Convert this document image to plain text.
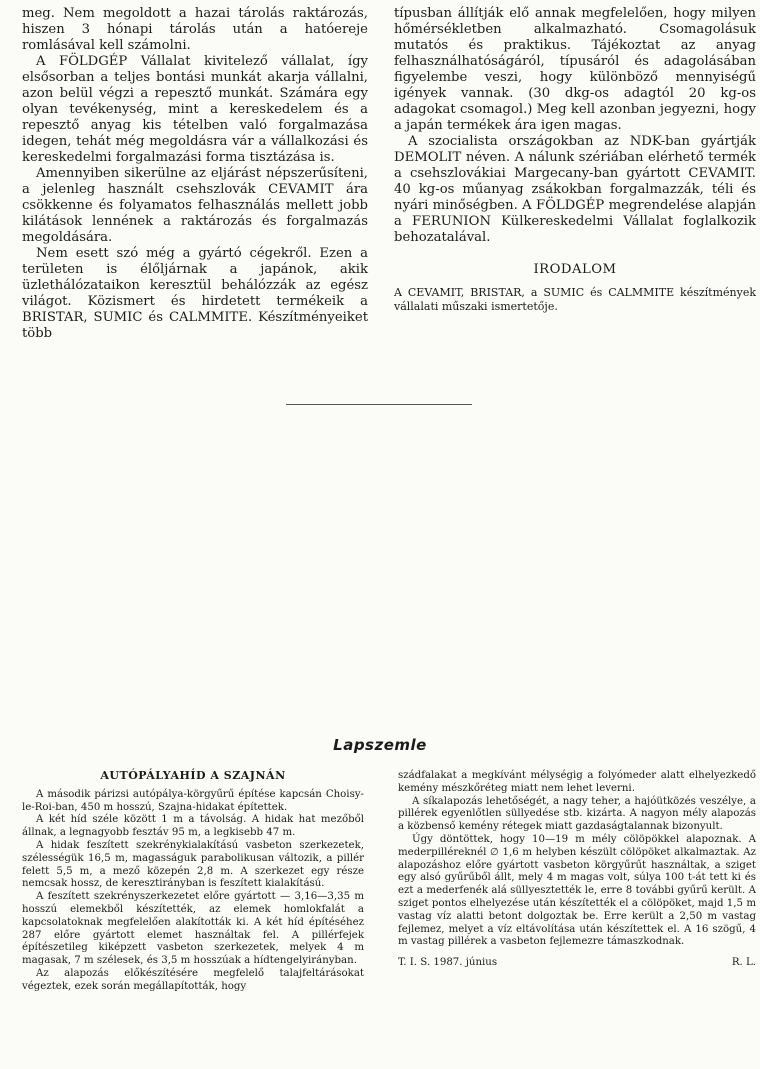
meg. Nem megoldott a hazai tárolás raktározás, hiszen 3 hónapi tárolás után a hatóereje romlásával kell számolni.

A FÖLDGÉP Vállalat kivitelező vállalat, így elsősorban a teljes bontási munkát akarja vállalni, azon belül végzi a repesztő munkát. Számára egy olyan tevékenység, mint a kereskedelem és a repesztő anyag kis tételben való forgalmazása idegen, tehát még megoldásra vár a vállalkozási és kereskedelmi forgalmazási forma tisztázása is.

Amennyiben sikerülne az eljárást népszerűsíteni, a jelenleg használt csehszlovák CEVAMIT ára csökkenne és folyamatos felhasználás mellett jobb kilátások lennének a raktározás és forgalmazás megoldására.

Nem esett szó még a gyártó cégekről. Ezen a területen is élőljárnak a japánok, akik üzlethálózataikon keresztül behálózzák az egész világot. Közismert és hirdetett termékeik a BRISTAR, SUMIC és CALMMITE. Készítményeiket több

típusban állítják elő annak megfelelően, hogy milyen hőmérsékletben alkalmazható. Csomagolásuk mutatós és praktikus. Tájékoztat az anyag felhasználhatóságáról, típusáról és adagolásában figyelembe veszi, hogy különböző mennyiségű igények vannak. (30 dkg-os adagtól 20 kg-os adagokat csomagol.) Meg kell azonban jegyezni, hogy a japán termékek ára igen magas.

A szocialista országokban az NDK-ban gyártják DEMOLIT néven. A nálunk szériában elérhető termék a csehszlovákiai Margecany-ban gyártott CEVAMIT. 40 kg-os műanyag zsákokban forgalmazzák, téli és nyári minőségben. A FÖLDGÉP megrendelése alapján a FERUNION Külkereskedelmi Vállalat foglalkozik behozatalával.

IRODALOM

A CEVAMIT, BRISTAR, a SUMIC és CALMMITE készítmények vállalati műszaki ismertetője.

Lapszemle

AUTÓPÁLYAHÍD A SZAJNÁN

A második párizsi autópálya-körgyűrű építése kapcsán Choisy-le-Roi-ban, 450 m hosszú, Szajna-hidakat építettek.

A két híd széle között 1 m a távolság. A hidak hat mezőből állnak, a legnagyobb fesztáv 95 m, a legkisebb 47 m.

A hidak feszített szekrénykialakítású vasbeton szerkezetek, szélességük 16,5 m, magasságuk parabolikusan változik, a pillér felett 5,5 m, a mező közepén 2,8 m. A szerkezet egy része nemcsak hossz, de keresztirányban is feszített kialakítású.

A feszített szekrényszerkezetet előre gyártott — 3,16—3,35 m hosszú elemekből készítették, az elemek homlokfalát a kapcsolatoknak megfelelően alakították ki. A két híd építéséhez 287 előre gyártott elemet használtak fel. A pillérfejek építészetileg kiképzett vasbeton szerkezetek, melyek 4 m magasak, 7 m szélesek, és 3,5 m hosszúak a hídtengelyirányban.

Az alapozás előkészítésére megfelelő talajfeltárásokat végeztek, ezek során megállapították, hogy

szádfalakat a megkívánt mélységig a folyómeder alatt elhelyezkedő kemény mészkőréteg miatt nem lehet leverni.

A síkalapozás lehetőségét, a nagy teher, a hajóütközés veszélye, a pillérek egyenlőtlen süllyedése stb. kizárta. A nagyon mély alapozás a közbenső kemény rétegek miatt gazdaságtalannak bizonyult.

Úgy döntöttek, hogy 10—19 m mély cölöpökkel alapoznak. A mederpilléreknél ∅ 1,6 m helyben készült cölöpöket alkalmaztak. Az alapozáshoz előre gyártott vasbeton körgyűrűt használtak, a sziget egy alsó gyűrűből állt, mely 4 m magas volt, súlya 100 t-át tett ki és ezt a mederfenék alá süllyesztették le, erre 8 további gyűrű került. A sziget pontos elhelyezése után készítették el a cölöpöket, majd 1,5 m vastag víz alatti betont dolgoztak be. Erre került a 2,50 m vastag fejlemez, melyet a víz eltávolítása után készítettek el. A 16 szögű, 4 m vastag pillérek a vasbeton fejlemezre támaszkodnak.

T. I. S. 1987. június	R. L.
